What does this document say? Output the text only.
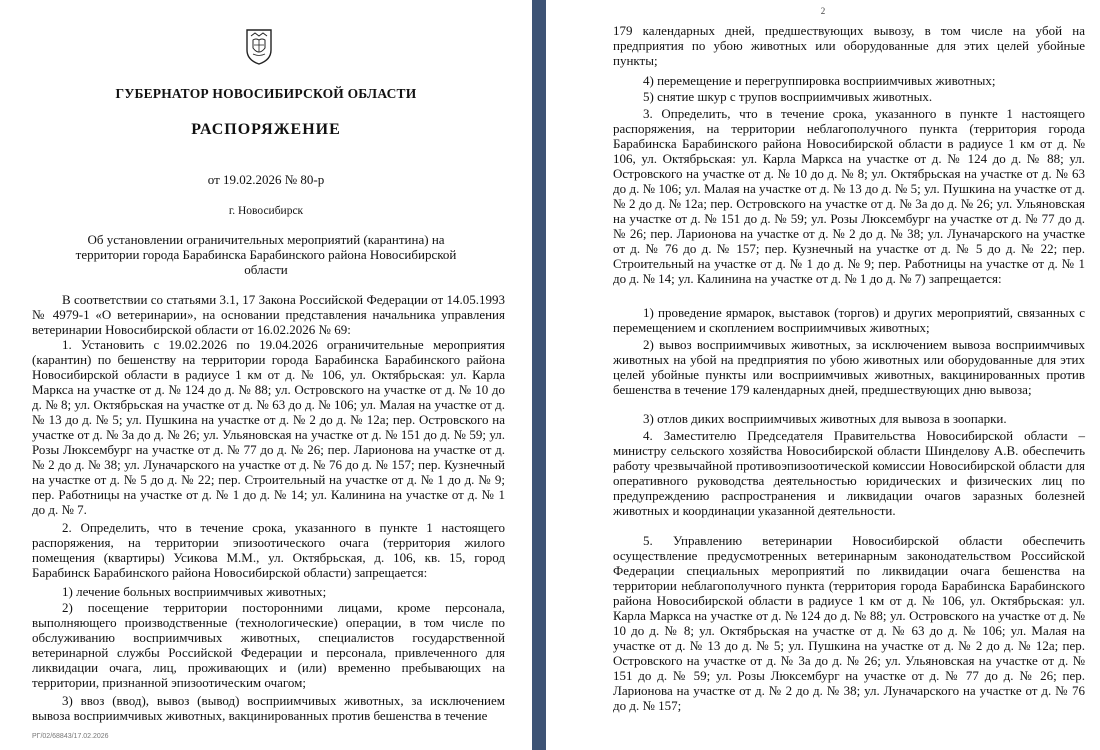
ГУБЕРНАТОР НОВОСИБИРСКОЙ ОБЛАСТИ
РАСПОРЯЖЕНИЕ
от 19.02.2026 № 80-р
г. Новосибирск
Об установлении ограничительных мероприятий (карантина) на территории города Барабинска Барабинского района Новосибирской области

В соответствии со статьями 3.1, 17 Закона Российской Федерации от 14.05.1993 № 4979-1 «О ветеринарии», на основании представления начальника управления ветеринарии Новосибирской области от 16.02.2026 № 69:

1. Установить с 19.02.2026 по 19.04.2026 ограничительные мероприятия (карантин) по бешенству на территории города Барабинска Барабинского района Новосибирской области в радиусе 1 км от д. № 106, ул. Октябрьская: ул. Карла Маркса на участке от д. № 124 до д. № 88; ул. Островского на участке от д. № 10 до д. № 8; ул. Октябрьская на участке от д. № 63 до д. № 106; ул. Малая на участке от д. № 13 до д. № 5; ул. Пушкина на участке от д. № 2 до д. № 12а; пер. Островского на участке от д. № 3а до д. № 26; ул. Ульяновская на участке от д. № 151 до д. № 59; ул. Розы Люксембург на участке от д. № 77 до д. № 26; пер. Ларионова на участке от д. № 2 до д. № 38; ул. Луначарского на участке от д. № 76 до д. № 157; пер. Кузнечный на участке от д. № 5 до д. № 22; пер. Строительный на участке от д. № 1 до д. № 9; пер. Работницы на участке от д. № 1 до д. № 14; ул. Калинина на участке от д. № 1 до д. № 7.

2. Определить, что в течение срока, указанного в пункте 1 настоящего распоряжения, на территории эпизоотического очага (территория жилого помещения (квартиры) Усикова М.М., ул. Октябрьская, д. 106, кв. 15, город Барабинск Барабинского района Новосибирской области) запрещается:

1) лечение больных восприимчивых животных;

2) посещение территории посторонними лицами, кроме персонала, выполняющего производственные (технологические) операции, в том числе по обслуживанию восприимчивых животных, специалистов государственной ветеринарной службы Российской Федерации и персонала, привлеченного для ликвидации очага, лиц, проживающих и (или) временно пребывающих на территории, признанной эпизоотическим очагом;

3) ввоз (ввод), вывоз (вывод) восприимчивых животных, за исключением вывоза восприимчивых животных, вакцинированных против бешенства в течение

РГ/02/68843/17.02.2026
2

179 календарных дней, предшествующих вывозу, в том числе на убой на предприятия по убою животных или оборудованные для этих целей убойные пункты;

4) перемещение и перегруппировка восприимчивых животных;

5) снятие шкур с трупов восприимчивых животных.

3. Определить, что в течение срока, указанного в пункте 1 настоящего распоряжения, на территории неблагополучного пункта (территория города Барабинска Барабинского района Новосибирской области в радиусе 1 км от д. № 106, ул. Октябрьская: ул. Карла Маркса на участке от д. № 124 до д. № 88; ул. Островского на участке от д. № 10 до д. № 8; ул. Октябрьская на участке от д. № 63 до д. № 106; ул. Малая на участке от д. № 13 до д. № 5; ул. Пушкина на участке от д. № 2 до д. № 12а; пер. Островского на участке от д. № 3а до д. № 26; ул. Ульяновская на участке от д. № 151 до д. № 59; ул. Розы Люксембург на участке от д. № 77 до д. № 26; пер. Ларионова на участке от д. № 2 до д. № 38; ул. Луначарского на участке от д. № 76 до д. № 157; пер. Кузнечный на участке от д. № 5 до д. № 22; пер. Строительный на участке от д. № 1 до д. № 9; пер. Работницы на участке от д. № 1 до д. № 14; ул. Калинина на участке от д. № 1 до д. № 7) запрещается:

1) проведение ярмарок, выставок (торгов) и других мероприятий, связанных с перемещением и скоплением восприимчивых животных;

2) вывоз восприимчивых животных, за исключением вывоза восприимчивых животных на убой на предприятия по убою животных или оборудованные для этих целей убойные пункты или восприимчивых животных, вакцинированных против бешенства в течение 179 календарных дней, предшествующих дню вывоза;

3) отлов диких восприимчивых животных для вывоза в зоопарки.

4. Заместителю Председателя Правительства Новосибирской области – министру сельского хозяйства Новосибирской области Шинделову А.В. обеспечить работу чрезвычайной противоэпизоотической комиссии Новосибирской области для оперативного руководства деятельностью юридических и физических лиц по предупреждению распространения и ликвидации очагов заразных болезней животных и координации указанной деятельности.

5. Управлению ветеринарии Новосибирской области обеспечить осуществление предусмотренных ветеринарным законодательством Российской Федерации специальных мероприятий по ликвидации очага бешенства на территории неблагополучного пункта (территория города Барабинска Барабинского района Новосибирской области в радиусе 1 км от д. № 106, ул. Октябрьская: ул. Карла Маркса на участке от д. № 124 до д. № 88; ул. Островского на участке от д. № 10 до д. № 8; ул. Октябрьская на участке от д. № 63 до д. № 106; ул. Малая на участке от д. № 13 до д. № 5; ул. Пушкина на участке от д. № 2 до д. № 12а; пер. Островского на участке от д. № 3а до д. № 26; ул. Ульяновская на участке от д. № 151 до д. № 59; ул. Розы Люксембург на участке от д. № 77 до д. № 26; пер. Ларионова на участке от д. № 2 до д. № 38; ул. Луначарского на участке от д. № 76 до д. № 157;
